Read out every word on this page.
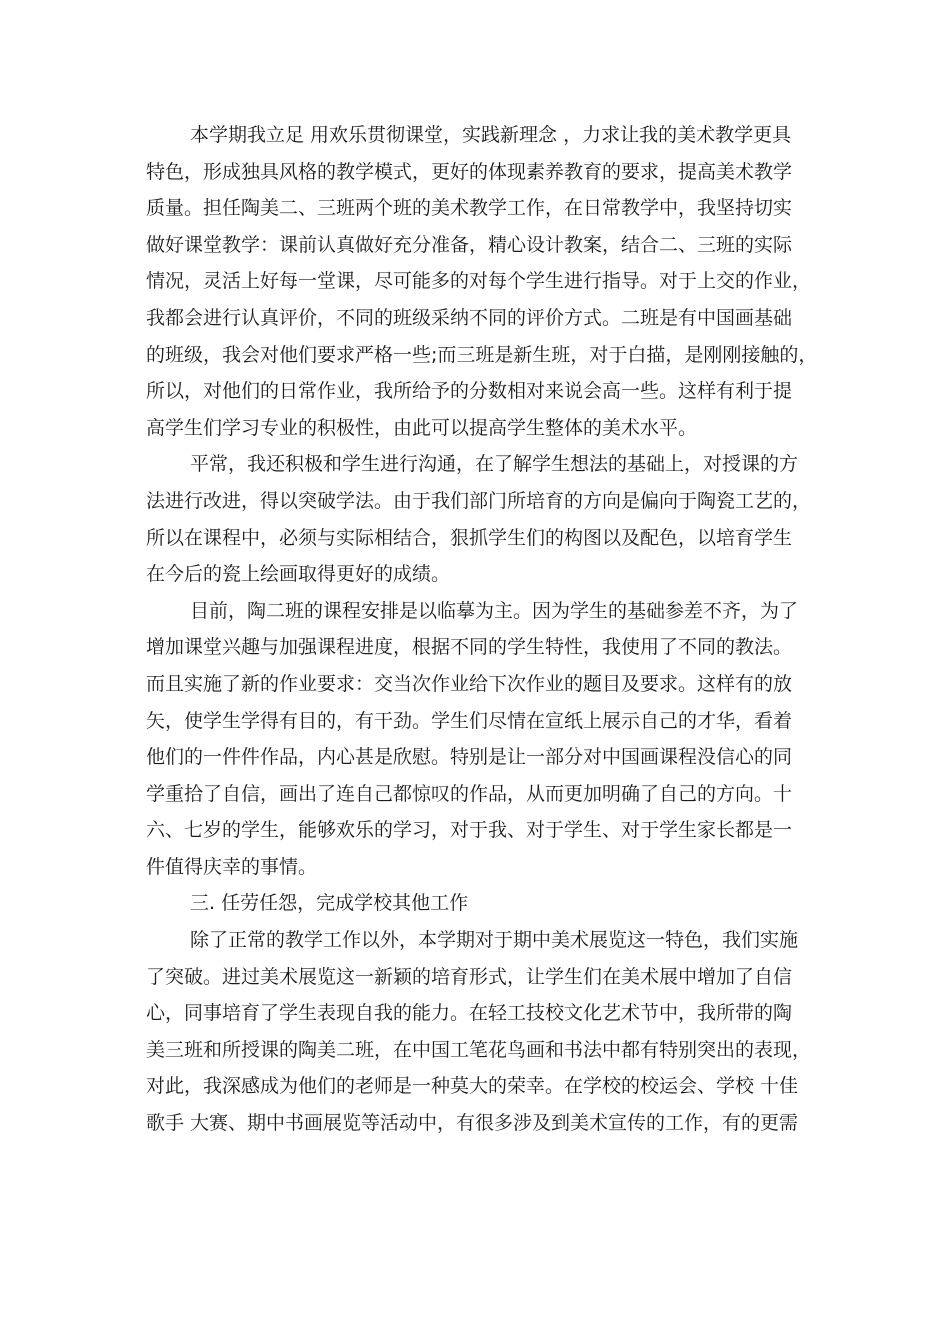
本学期我立足 用欢乐贯彻课堂，实践新理念 ，力求让我的美术教学更具
特色，形成独具风格的教学模式，更好的体现素养教育的要求，提高美术教学
质量。担任陶美二、三班两个班的美术教学工作，在日常教学中，我坚持切实
做好课堂教学：课前认真做好充分准备，精心设计教案，结合二、三班的实际
情况，灵活上好每一堂课，尽可能多的对每个学生进行指导。对于上交的作业，
我都会进行认真评价，不同的班级采纳不同的评价方式。二班是有中国画基础
的班级，我会对他们要求严格一些;而三班是新生班，对于白描，是刚刚接触的，
所以，对他们的日常作业，我所给予的分数相对来说会高一些。这样有利于提
高学生们学习专业的积极性，由此可以提高学生整体的美术水平。
平常，我还积极和学生进行沟通，在了解学生想法的基础上，对授课的方
法进行改进，得以突破学法。由于我们部门所培育的方向是偏向于陶瓷工艺的，
所以在课程中，必须与实际相结合，狠抓学生们的构图以及配色，以培育学生
在今后的瓷上绘画取得更好的成绩。
目前，陶二班的课程安排是以临摹为主。因为学生的基础参差不齐，为了
增加课堂兴趣与加强课程进度，根据不同的学生特性，我使用了不同的教法。
而且实施了新的作业要求：交当次作业给下次作业的题目及要求。这样有的放
矢，使学生学得有目的，有干劲。学生们尽情在宣纸上展示自己的才华，看着
他们的一件件作品，内心甚是欣慰。特别是让一部分对中国画课程没信心的同
学重拾了自信，画出了连自己都惊叹的作品，从而更加明确了自己的方向。十
六、七岁的学生，能够欢乐的学习，对于我、对于学生、对于学生家长都是一
件值得庆幸的事情。
三. 任劳任怨，完成学校其他工作
除了正常的教学工作以外，本学期对于期中美术展览这一特色，我们实施
了突破。进过美术展览这一新颖的培育形式，让学生们在美术展中增加了自信
心，同事培育了学生表现自我的能力。在轻工技校文化艺术节中，我所带的陶
美三班和所授课的陶美二班，在中国工笔花鸟画和书法中都有特别突出的表现，
对此，我深感成为他们的老师是一种莫大的荣幸。在学校的校运会、学校 十佳
歌手 大赛、期中书画展览等活动中，有很多涉及到美术宣传的工作，有的更需
